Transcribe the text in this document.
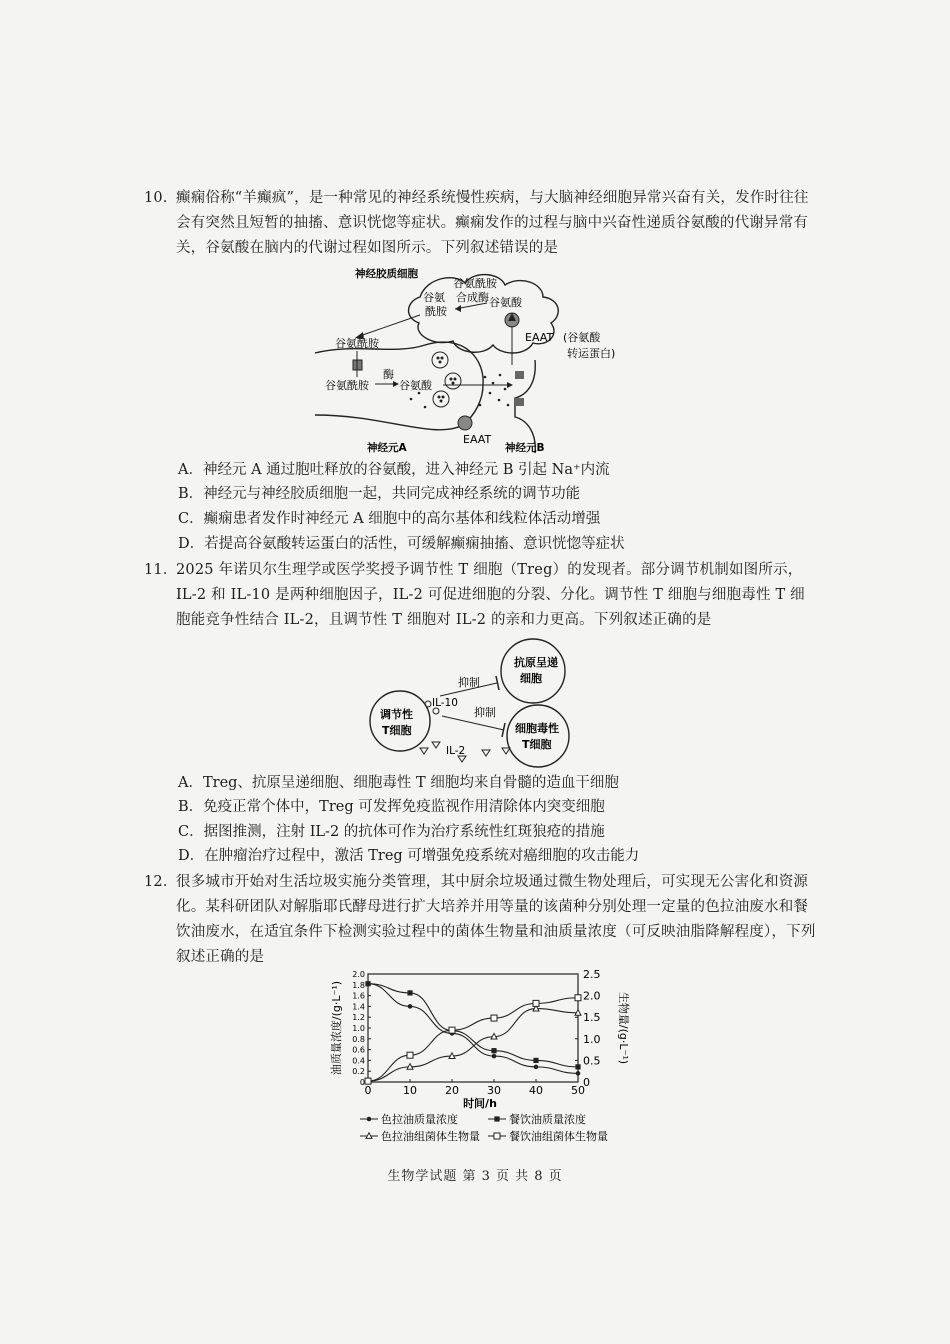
10．
癫痫俗称“羊癫疯”，是一种常见的神经系统慢性疾病，与大脑神经细胞异常兴奋有关，发作时往往会有突然且短暂的抽搐、意识恍惚等症状。癫痫发作的过程与脑中兴奋性递质谷氨酸的代谢异常有关，谷氨酸在脑内的代谢过程如图所示。下列叙述错误的是
神经胶质细胞
谷氨酰胺
合成酶
谷氨
酰胺
谷氨酸
EAAT (谷氨酸
转运蛋白)
谷氨酰胺
谷氨酰胺
酶
谷氨酸
EAAT
神经元A	神经元B
A．神经元 A 通过胞吐释放的谷氨酸，进入神经元 B 引起 Na⁺内流
B．神经元与神经胶质细胞一起，共同完成神经系统的调节功能
C．癫痫患者发作时神经元 A 细胞中的高尔基体和线粒体活动增强
D．若提高谷氨酸转运蛋白的活性，可缓解癫痫抽搐、意识恍惚等症状
11．
2025 年诺贝尔生理学或医学奖授予调节性 T 细胞（Treg）的发现者。部分调节机制如图所示，IL-2 和 IL-10 是两种细胞因子，IL-2 可促进细胞的分裂、分化。调节性 T 细胞与细胞毒性 T 细胞能竞争性结合 IL-2，且调节性 T 细胞对 IL-2 的亲和力更高。下列叙述正确的是
抗原呈递
细胞
调节性
T细胞	细胞毒性
T细胞
IL-10
抑制
抑制
IL-2
A．Treg、抗原呈递细胞、细胞毒性 T 细胞均来自骨髓的造血干细胞
B．免疫正常个体中，Treg 可发挥免疫监视作用清除体内突变细胞
C．据图推测，注射 IL-2 的抗体可作为治疗系统性红斑狼疮的措施
D．在肿瘤治疗过程中，激活 Treg 可增强免疫系统对癌细胞的攻击能力
12．
很多城市开始对生活垃圾实施分类管理，其中厨余垃圾通过微生物处理后，可实现无公害化和资源化。某科研团队对解脂耶氏酵母进行扩大培养并用等量的该菌种分别处理一定量的色拉油废水和餐饮油废水，在适宜条件下检测实验过程中的菌体生物量和油质量浓度（可反映油脂降解程度），下列叙述正确的是
0
0.2
0.4
0.6
0.8
1.0
1.2
1.4
1.6
1.8
2.0
0
0.5
1.0
1.5
2.0
2.5
0	10	20	30	40	50
油质量浓度/(g·L⁻¹)	生物量/(g·L⁻¹)
时间/h
色拉油质量浓度	餐饮油质量浓度
色拉油组菌体生物量	餐饮油组菌体生物量
生物学试题 第 3 页 共 8 页
